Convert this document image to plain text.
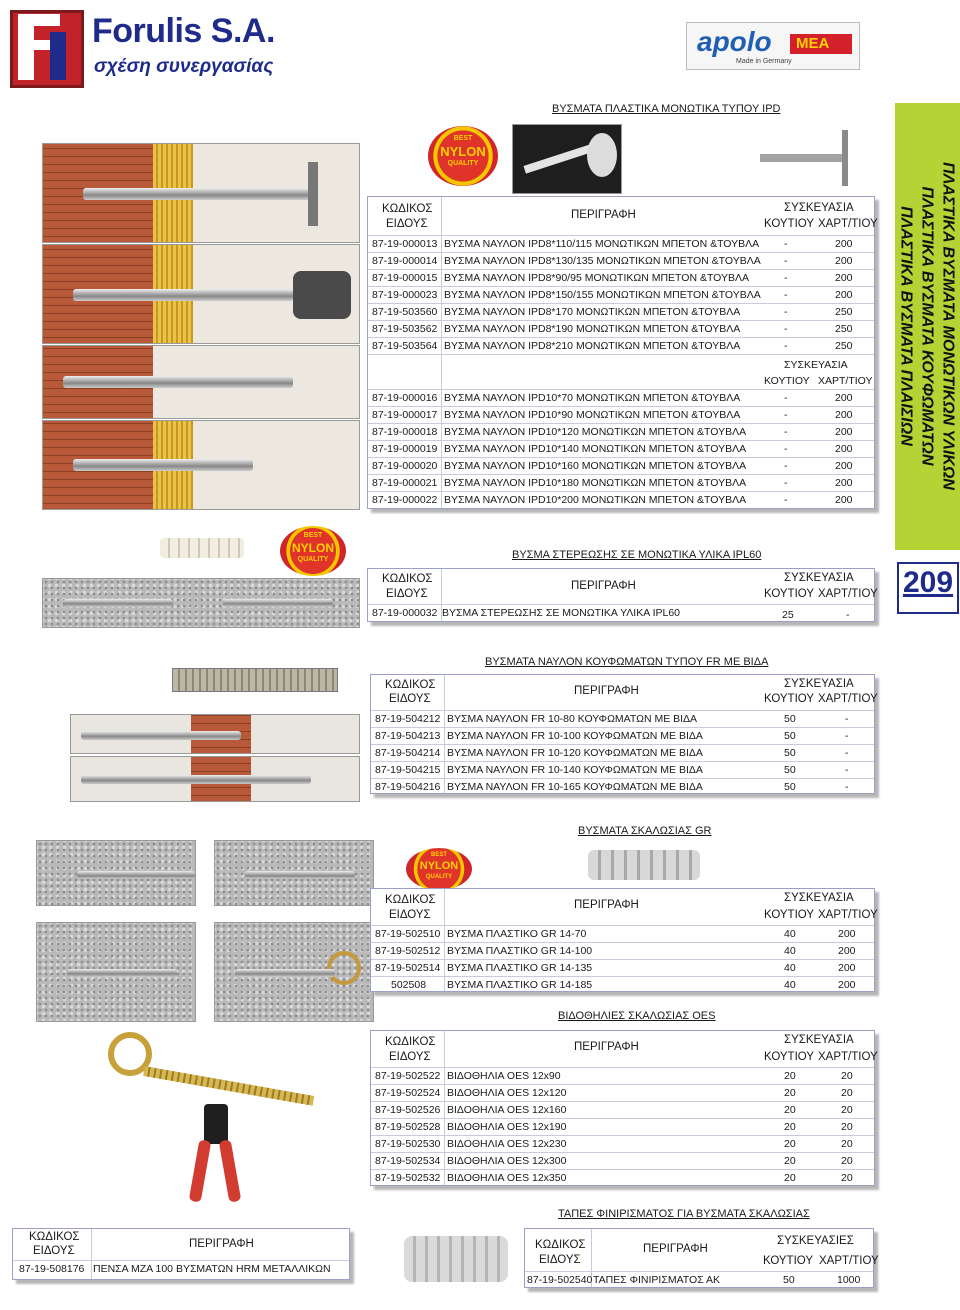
Forulis S.A.
σχέση συνεργασίας
apolo MEA
Made in Germany
ΠΛΑΣΤΙΚΑ ΒΥΣΜΑΤΑ ΜΟΝΩΤΙΚΩΝ ΥΛΙΚΩΝ
ΠΛΑΣΤΙΚΑ ΒΥΣΜΑΤΑ ΚΟΥΦΩΜΑΤΩΝ
ΠΛΑΣΤΙΚΑ ΒΥΣΜΑΤΑ ΠΛΑΙΣΙΩΝ
209
ΒΥΣΜΑΤΑ ΠΛΑΣΤΙΚΑ ΜΟΝΩΤΙΚΑ ΤΥΠΟΥ IPD
BEST
NYLON
QUALITY
ΚΩΔΙΚΟΣ
ΕΙΔΟΥΣ
ΠΕΡΙΓΡΑΦΗ
ΣΥΣΚΕΥΑΣΙΑ
ΚΟΥΤΙΟΥ ΧΑΡΤ/ΤΙΟΥ
87-19-000013 ΒΥΣΜΑ ΝΑΥΛΟΝ IPD8*110/115 ΜΟΝΩΤΙΚΩΝ ΜΠΕΤΟΝ &ΤΟΥΒΛΑ -	200
87-19-000014 ΒΥΣΜΑ ΝΑΥΛΟΝ IPD8*130/135 ΜΟΝΩΤΙΚΩΝ ΜΠΕΤΟΝ &ΤΟΥΒΛΑ -	200
87-19-000015 ΒΥΣΜΑ ΝΑΥΛΟΝ IPD8*90/95 ΜΟΝΩΤΙΚΩΝ ΜΠΕΤΟΝ &ΤΟΥΒΛΑ	-	200
87-19-000023 ΒΥΣΜΑ ΝΑΥΛΟΝ IPD8*150/155 ΜΟΝΩΤΙΚΩΝ ΜΠΕΤΟΝ &ΤΟΥΒΛΑ -	200
87-19-503560 ΒΥΣΜΑ ΝΑΥΛΟΝ IPD8*170 ΜΟΝΩΤΙΚΩΝ ΜΠΕΤΟΝ &ΤΟΥΒΛΑ	-	250
87-19-503562 ΒΥΣΜΑ ΝΑΥΛΟΝ IPD8*190 ΜΟΝΩΤΙΚΩΝ ΜΠΕΤΟΝ &ΤΟΥΒΛΑ	-	250
87-19-503564 ΒΥΣΜΑ ΝΑΥΛΟΝ IPD8*210 ΜΟΝΩΤΙΚΩΝ ΜΠΕΤΟΝ &ΤΟΥΒΛΑ	-	250
ΣΥΣΚΕΥΑΣΙΑ
ΚΟΥΤΙΟΥ ΧΑΡΤ/ΤΙΟΥ
87-19-000016 ΒΥΣΜΑ ΝΑΥΛΟΝ IPD10*70 ΜΟΝΩΤΙΚΩΝ ΜΠΕΤΟΝ &ΤΟΥΒΛΑ	-	200
87-19-000017 ΒΥΣΜΑ ΝΑΥΛΟΝ IPD10*90 ΜΟΝΩΤΙΚΩΝ ΜΠΕΤΟΝ &ΤΟΥΒΛΑ	-	200
87-19-000018 ΒΥΣΜΑ ΝΑΥΛΟΝ IPD10*120 ΜΟΝΩΤΙΚΩΝ ΜΠΕΤΟΝ &ΤΟΥΒΛΑ	-	200
87-19-000019 ΒΥΣΜΑ ΝΑΥΛΟΝ IPD10*140 ΜΟΝΩΤΙΚΩΝ ΜΠΕΤΟΝ &ΤΟΥΒΛΑ	-	200
87-19-000020 ΒΥΣΜΑ ΝΑΥΛΟΝ IPD10*160 ΜΟΝΩΤΙΚΩΝ ΜΠΕΤΟΝ &ΤΟΥΒΛΑ	-	200
87-19-000021 ΒΥΣΜΑ ΝΑΥΛΟΝ IPD10*180 ΜΟΝΩΤΙΚΩΝ ΜΠΕΤΟΝ &ΤΟΥΒΛΑ	-	200
87-19-000022 ΒΥΣΜΑ ΝΑΥΛΟΝ IPD10*200 ΜΟΝΩΤΙΚΩΝ ΜΠΕΤΟΝ &ΤΟΥΒΛΑ	-	200
BEST
NYLON
QUALITY	ΒΥΣΜΑ ΣΤΕΡΕΩΣΗΣ ΣΕ ΜΟΝΩΤΙΚΑ ΥΛΙΚΑ IPL60
ΚΩΔΙΚΟΣ
ΕΙΔΟΥΣ
ΠΕΡΙΓΡΑΦΗ
ΣΥΣΚΕΥΑΣΙΑ
ΚΟΥΤΙΟΥ ΧΑΡΤ/ΤΙΟΥ
87-19-000032 ΒΥΣΜΑ ΣΤΕΡΕΩΣΗΣ ΣΕ ΜΟΝΩΤΙΚΑ ΥΛΙΚΑ IPL60	25	-
ΒΥΣΜΑΤΑ ΝΑΥΛΟΝ ΚΟΥΦΩΜΑΤΩΝ ΤΥΠΟΥ FR ΜΕ ΒΙΔΑ
ΚΩΔΙΚΟΣ
ΕΙΔΟΥΣ
ΠΕΡΙΓΡΑΦΗ
ΣΥΣΚΕΥΑΣΙΑ
ΚΟΥΤΙΟΥ ΧΑΡΤ/ΤΙΟΥ
87-19-504212 ΒΥΣΜΑ ΝΑΥΛΟΝ FR 10-80 ΚΟΥΦΩΜΑΤΩΝ ΜΕ ΒΙΔΑ	50	-
87-19-504213 ΒΥΣΜΑ ΝΑΥΛΟΝ FR 10-100 ΚΟΥΦΩΜΑΤΩΝ ΜΕ ΒΙΔΑ	50	-
87-19-504214 ΒΥΣΜΑ ΝΑΥΛΟΝ FR 10-120 ΚΟΥΦΩΜΑΤΩΝ ΜΕ ΒΙΔΑ	50	-
87-19-504215 ΒΥΣΜΑ ΝΑΥΛΟΝ FR 10-140 ΚΟΥΦΩΜΑΤΩΝ ΜΕ ΒΙΔΑ	50	-
87-19-504216 ΒΥΣΜΑ ΝΑΥΛΟΝ FR 10-165 ΚΟΥΦΩΜΑΤΩΝ ΜΕ ΒΙΔΑ	50	-
BEST
NYLON
QUALITY
ΒΥΣΜΑΤΑ ΣΚΑΛΩΣΙΑΣ GR
ΚΩΔΙΚΟΣ
ΕΙΔΟΥΣ
ΠΕΡΙΓΡΑΦΗ
ΣΥΣΚΕΥΑΣΙΑ
ΚΟΥΤΙΟΥ ΧΑΡΤ/ΤΙΟΥ
87-19-502510 ΒΥΣΜΑ ΠΛΑΣΤΙΚΟ GR 14-70	40	200
87-19-502512 ΒΥΣΜΑ ΠΛΑΣΤΙΚΟ GR 14-100	40	200
87-19-502514 ΒΥΣΜΑ ΠΛΑΣΤΙΚΟ GR 14-135	40	200
502508 ΒΥΣΜΑ ΠΛΑΣΤΙΚΟ GR 14-185	40	200
ΒΙΔΟΘΗΛΙΕΣ ΣΚΑΛΩΣΙΑΣ OES
ΚΩΔΙΚΟΣ
ΕΙΔΟΥΣ
ΠΕΡΙΓΡΑΦΗ
ΣΥΣΚΕΥΑΣΙΑ
ΚΟΥΤΙΟΥ ΧΑΡΤ/ΤΙΟΥ
87-19-502522 ΒΙΔΟΘΗΛΙΑ OES 12x90	20	20
87-19-502524 ΒΙΔΟΘΗΛΙΑ OES 12x120	20	20
87-19-502526 ΒΙΔΟΘΗΛΙΑ OES 12x160	20	20
87-19-502528 ΒΙΔΟΘΗΛΙΑ OES 12x190	20	20
87-19-502530 ΒΙΔΟΘΗΛΙΑ OES 12x230	20	20
87-19-502534 ΒΙΔΟΘΗΛΙΑ OES 12x300	20	20
87-19-502532 ΒΙΔΟΘΗΛΙΑ OES 12x350	20	20
ΚΩΔΙΚΟΣ
ΕΙΔΟΥΣ
ΠΕΡΙΓΡΑΦΗ
87-19-508176 ΠΕΝΣΑ MZA 100 ΒΥΣΜΑΤΩΝ HRM ΜΕΤΑΛΛΙΚΩΝ
ΤΑΠΕΣ ΦΙΝΙΡΙΣΜΑΤΟΣ ΓΙΑ ΒΥΣΜΑΤΑ ΣΚΑΛΩΣΙΑΣ
ΚΩΔΙΚΟΣ
ΕΙΔΟΥΣ
ΠΕΡΙΓΡΑΦΗ
ΣΥΣΚΕΥΑΣΙΕΣ
ΚΟΥΤΙΟΥ ΧΑΡΤ/ΤΙΟΥ
87-19-502540 ΤΑΠΕΣ ΦΙΝΙΡΙΣΜΑΤΟΣ ΑΚ	50	1000
